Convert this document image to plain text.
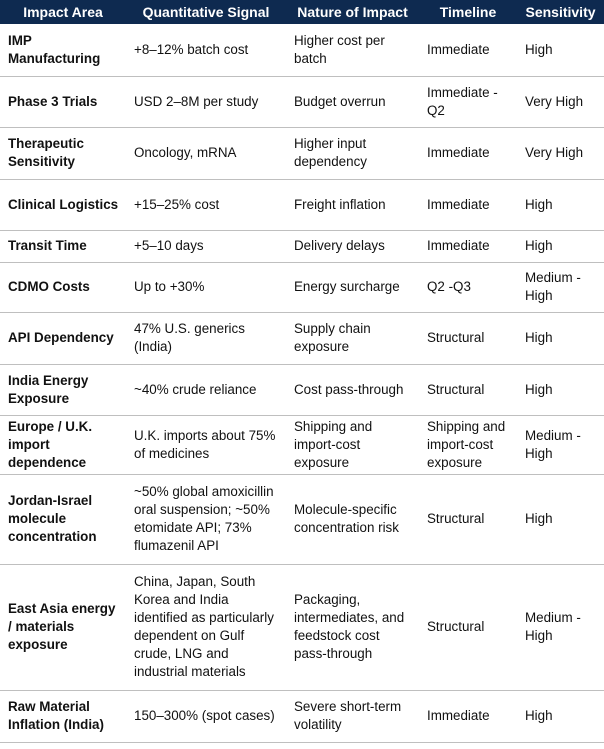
Impact Area	Quantitative Signal	Nature of Impact	Timeline	Sensitivity
IMP Manufacturing	+8–12% batch cost	Higher cost per batch	Immediate	High
Phase 3 Trials	USD 2–8M per study	Budget overrun	Immediate - Q2	Very High
Therapeutic Sensitivity	Oncology, mRNA	Higher input dependency	Immediate	Very High
Clinical Logistics	+15–25% cost	Freight inflation	Immediate	High
Transit Time	+5–10 days	Delivery delays	Immediate	High
CDMO Costs	Up to +30%	Energy surcharge	Q2 -Q3	Medium - High
API Dependency	47% U.S. generics (India)	Supply chain exposure	Structural	High
India Energy Exposure	~40% crude reliance	Cost pass-through	Structural	High
Europe / U.K. import dependence	U.K. imports about 75% of medicines	Shipping and import-cost exposure	Shipping and import-cost exposure	Medium - High
Jordan-Israel molecule concentration	~50% global amoxicillin oral suspension; ~50% etomidate API; 73% flumazenil API	Molecule-specific concentration risk	Structural	High
East Asia energy / materials exposure	China, Japan, South Korea and India identified as particularly dependent on Gulf crude, LNG and industrial materials	Packaging, intermediates, and feedstock cost pass-through	Structural	Medium - High
Raw Material Inflation (India)	150–300% (spot cases)	Severe short-term volatility	Immediate	High
